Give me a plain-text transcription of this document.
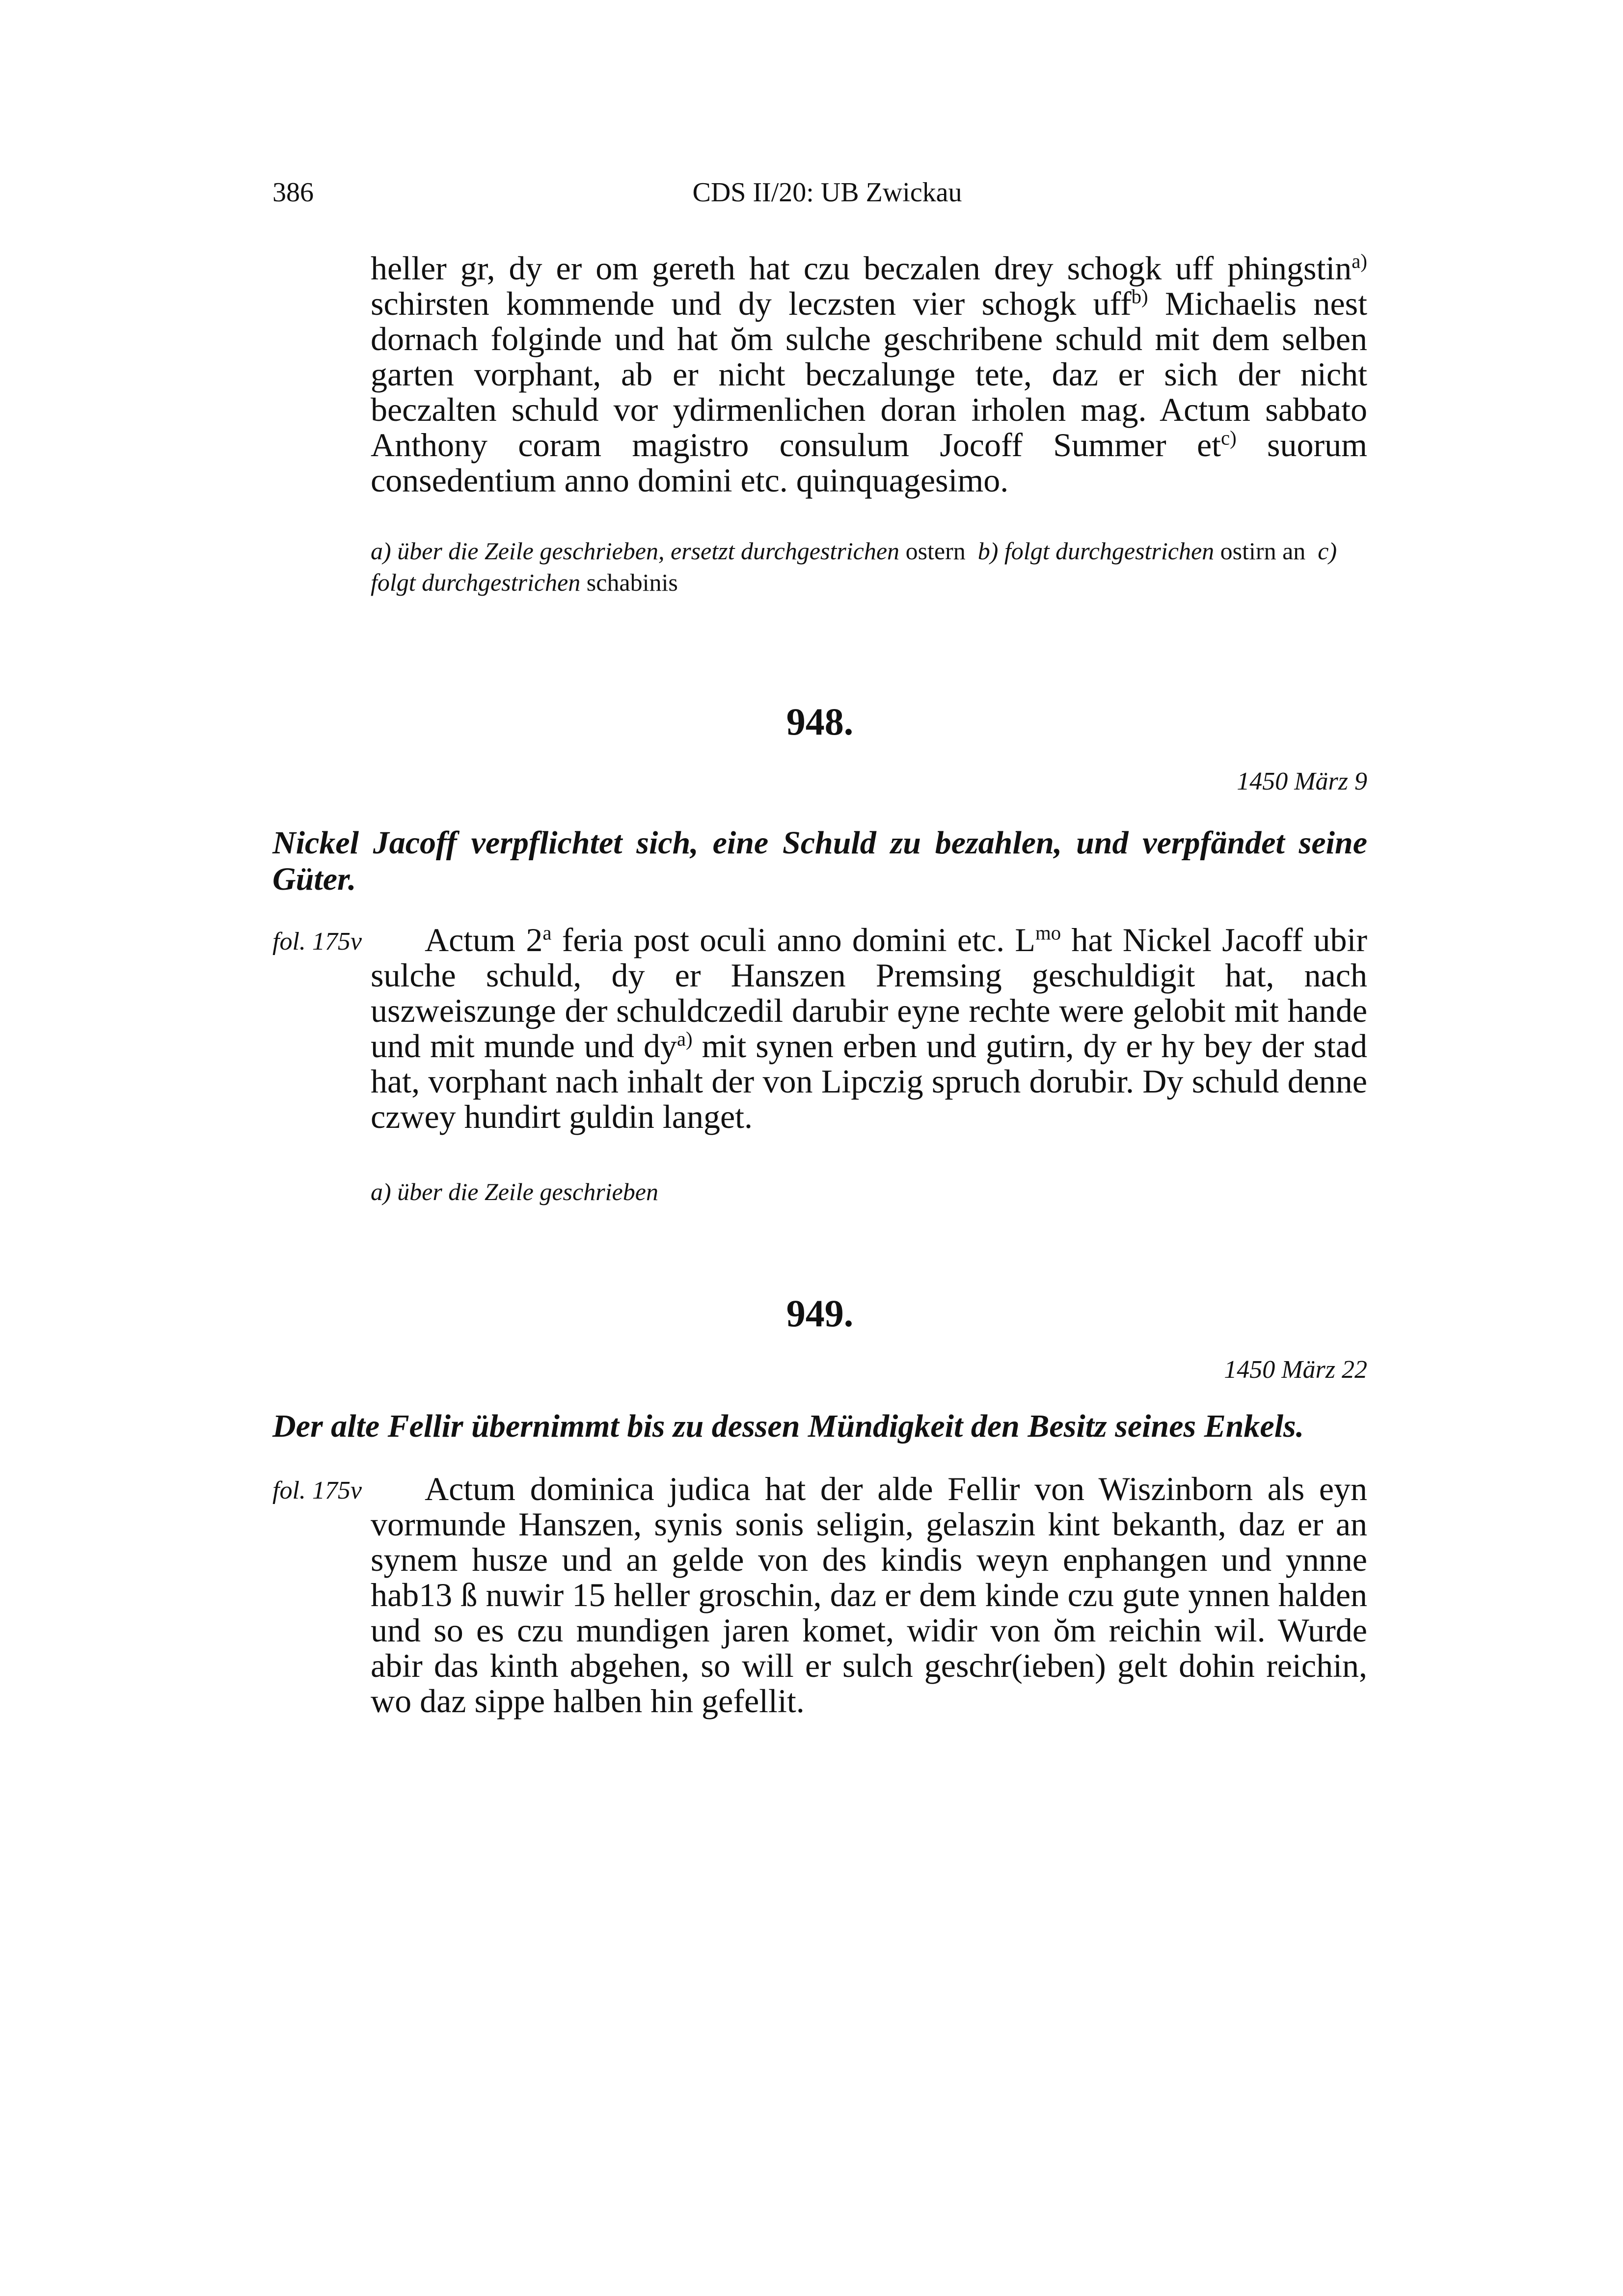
386	CDS II/20: UB Zwickau
heller gr, dy er om gereth hat czu beczalen drey schogk uff phingstin$^{a)}$ schirsten kommende und dy leczsten vier schogk uff$^{b)}$ Michaelis nest dornach folginde und hat ŏm sulche geschribene schuld mit dem selben garten vorphant, ab er nicht beczalunge tete, daz er sich der nicht beczalten schuld vor ydirmenlichen doran irholen mag. Actum sabbato Anthony coram magistro consulum Jocoff Summer $et^{c)}$ suorum consedentium anno domini etc. quinquagesimo.
a) über die Zeile geschrieben, ersetzt durchgestrichen ostern  b) folgt durchgestrichen ostirn an  c) folgt durchgestrichen schabinis
948.
1450 März 9
Nickel Jacoff verpflichtet sich, eine Schuld zu bezahlen, und verpfändet seine Güter.
fol. 175v	Actum 2$^a$ feria post oculi anno domini etc. $L^{mo}$ hat Nickel Jacoff ubir sulche schuld, dy er Hanszen Premsing geschuldigit hat, nach uszweiszunge der schuldczedil darubir eyne rechte were gelobit mit hande und mit munde und $dy^{a)}$ mit synen erben und gutirn, dy er hy bey der stad hat, vorphant nach inhalt der von Lipczig spruch dorubir. Dy schuld denne czwey hundirt guldin langet.
a) über die Zeile geschrieben
949.
1450 März 22
Der alte Fellir übernimmt bis zu dessen Mündigkeit den Besitz seines Enkels.
fol. 175v	Actum dominica judica hat der alde Fellir von Wiszinborn als eyn vormunde Hanszen, synis sonis seligin, gelaszin kint bekanth, daz er an synem husze und an gelde von des kindis weyn enphangen und ynnne hab13 ß nuwir 15 heller groschin, daz er dem kinde czu gute ynnen halden und so es czu mundigen jaren komet, widir von ŏm reichin wil. Wurde abir das kinth abgehen, so will er sulch geschr(ieben) gelt dohin reichin, wo daz sippe halben hin gefellit.
